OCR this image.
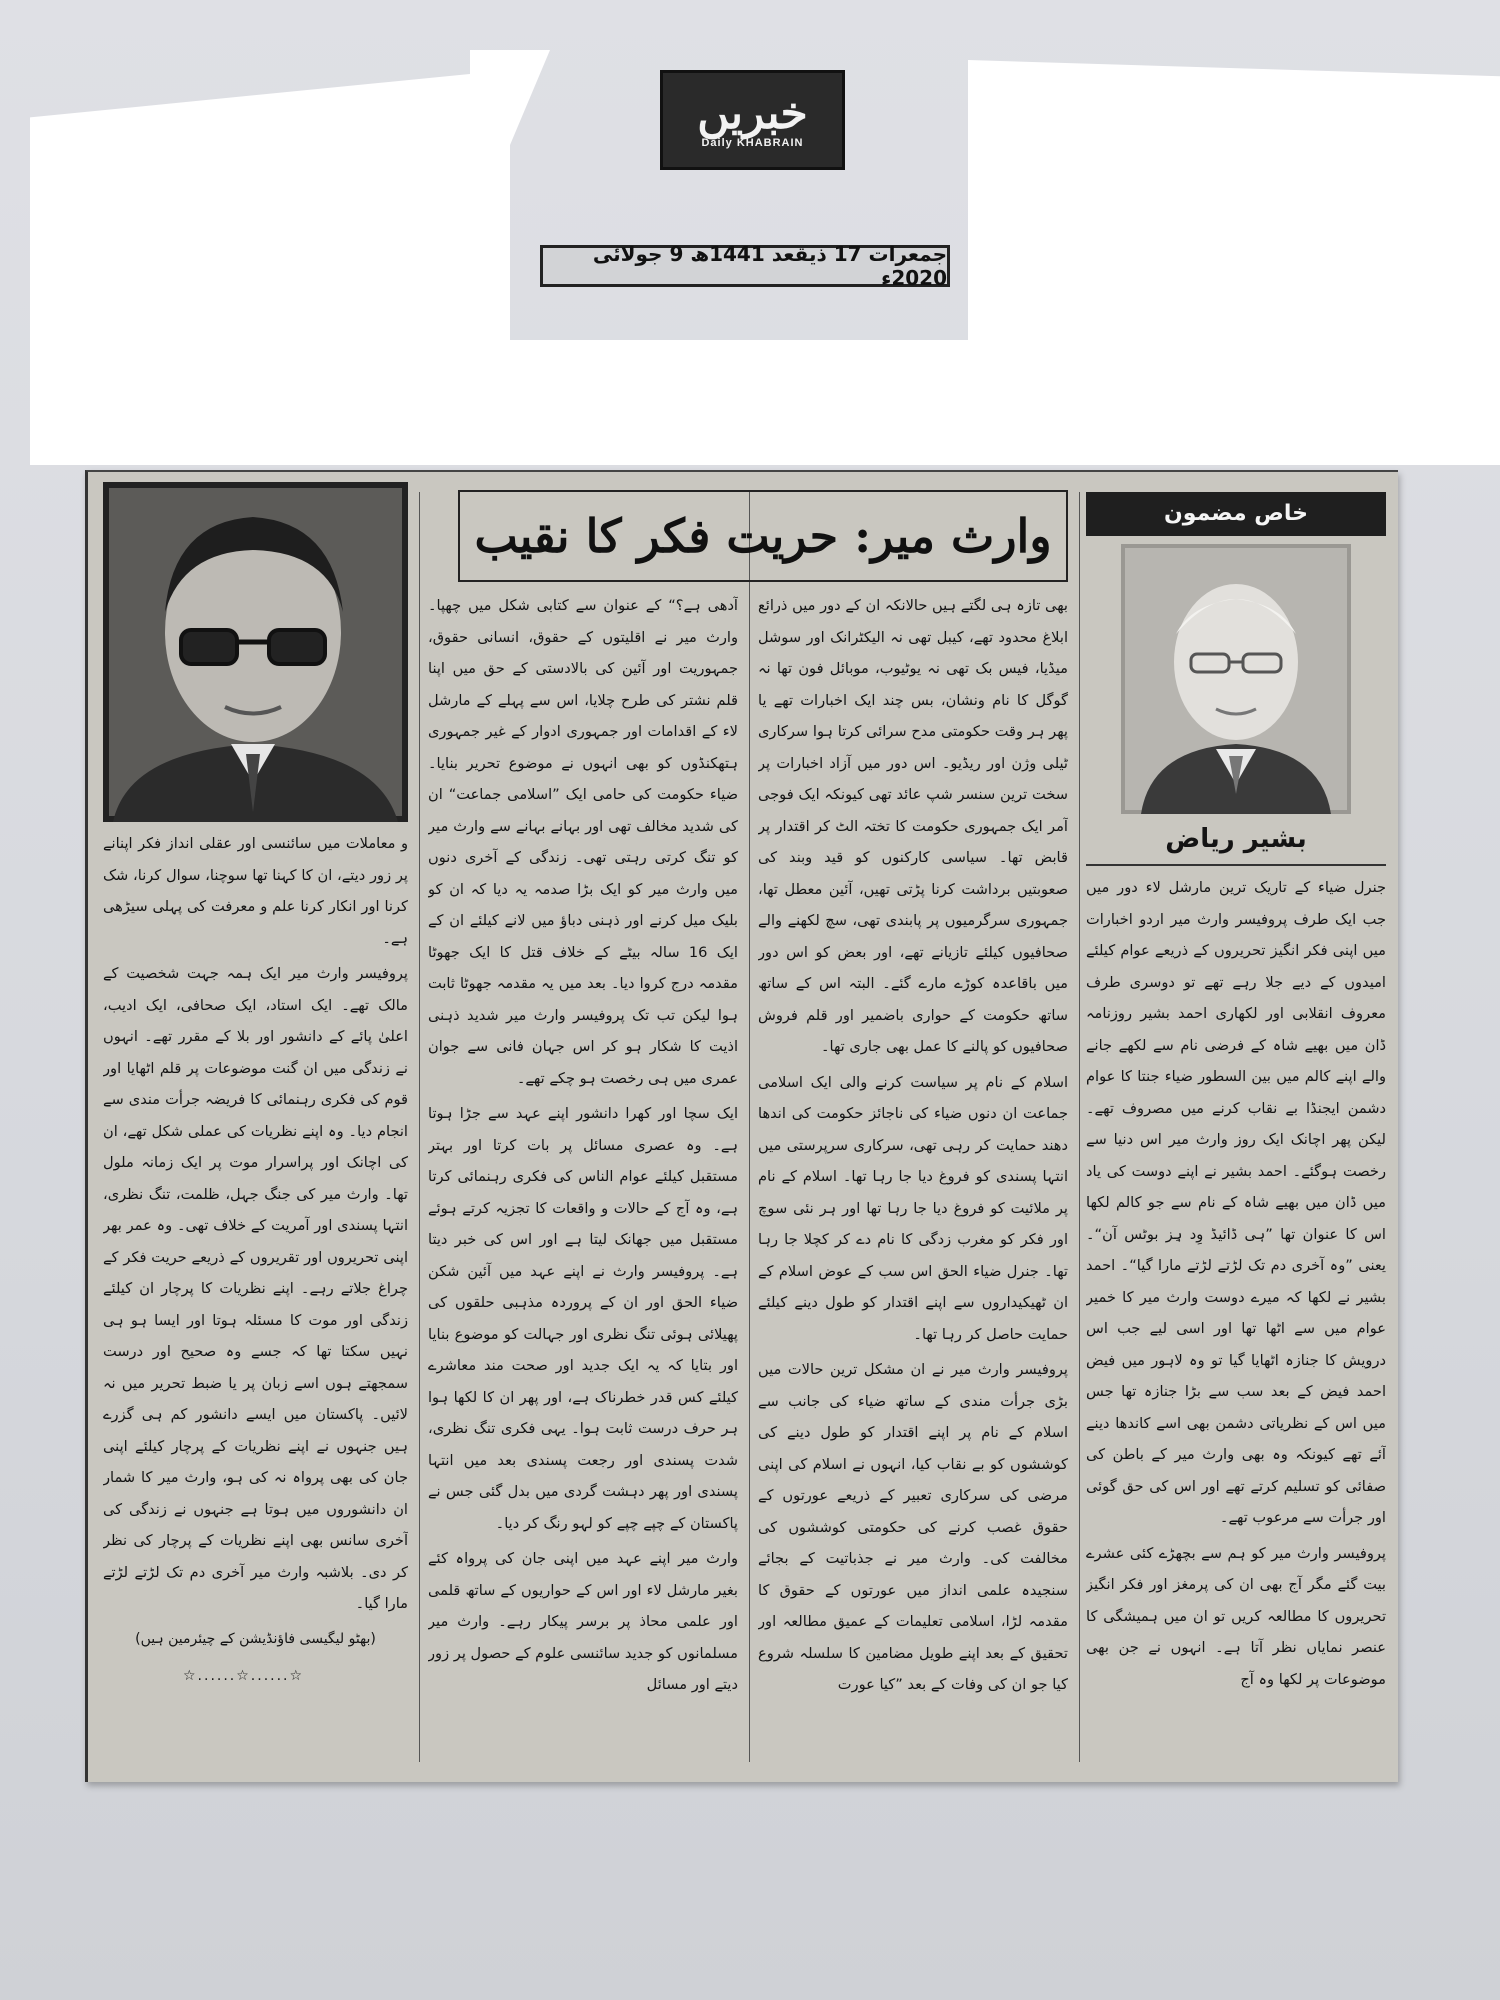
خبریں
Daily KHABRAIN
جمعرات 17 ذیقعد 1441ھ 9 جولائی 2020ء
وارث میر: حریت فکر کا نقیب	خاص مضمون
بشیر ریاض

جنرل ضیاء کے تاریک ترین مارشل لاء دور میں جب ایک طرف پروفیسر وارث میر اردو اخبارات میں اپنی فکر انگیز تحریروں کے ذریعے عوام کیلئے امیدوں کے دیے جلا رہے تھے تو دوسری طرف معروف انقلابی اور لکھاری احمد بشیر روزنامہ ڈان میں بھیے شاہ کے فرضی نام سے لکھے جانے والے اپنے کالم میں بین السطور ضیاء جنتا کا عوام دشمن ایجنڈا بے نقاب کرنے میں مصروف تھے۔ لیکن پھر اچانک ایک روز وارث میر اس دنیا سے رخصت ہوگئے۔ احمد بشیر نے اپنے دوست کی یاد میں ڈان میں بھیے شاہ کے نام سے جو کالم لکھا اس کا عنوان تھا ”ہی ڈائیڈ وِد ہِز بوٹس آن“۔ یعنی ”وہ آخری دم تک لڑتے لڑتے مارا گیا“۔ احمد بشیر نے لکھا کہ میرے دوست وارث میر کا خمیر عوام میں سے اٹھا تھا اور اسی لیے جب اس درویش کا جنازہ اٹھایا گیا تو وہ لاہور میں فیض احمد فیض کے بعد سب سے بڑا جنازہ تھا جس میں اس کے نظریاتی دشمن بھی اسے کاندھا دینے آئے تھے کیونکہ وہ بھی وارث میر کے باطن کی صفائی کو تسلیم کرتے تھے اور اس کی حق گوئی اور جرأت سے مرعوب تھے۔

پروفیسر وارث میر کو ہم سے بچھڑے کئی عشرے بیت گئے مگر آج بھی ان کی پرمغز اور فکر انگیز تحریروں کا مطالعہ کریں تو ان میں ہمیشگی کا عنصر نمایاں نظر آتا ہے۔ انہوں نے جن بھی موضوعات پر لکھا وہ آج

بھی تازہ ہی لگتے ہیں حالانکہ ان کے دور میں ذرائع ابلاغ محدود تھے، کیبل تھی نہ الیکٹرانک اور سوشل میڈیا، فیس بک تھی نہ یوٹیوب، موبائل فون تھا نہ گوگل کا نام ونشان، بس چند ایک اخبارات تھے یا پھر ہر وقت حکومتی مدح سرائی کرتا ہوا سرکاری ٹیلی وژن اور ریڈیو۔ اس دور میں آزاد اخبارات پر سخت ترین سنسر شپ عائد تھی کیونکہ ایک فوجی آمر ایک جمہوری حکومت کا تختہ الٹ کر اقتدار پر قابض تھا۔ سیاسی کارکنوں کو قید وبند کی صعوبتیں برداشت کرنا پڑتی تھیں، آئین معطل تھا، جمہوری سرگرمیوں پر پابندی تھی، سچ لکھنے والے صحافیوں کیلئے تازیانے تھے، اور بعض کو اس دور میں باقاعدہ کوڑے مارے گئے۔ البتہ اس کے ساتھ ساتھ حکومت کے حواری باضمیر اور قلم فروش صحافیوں کو پالنے کا عمل بھی جاری تھا۔

اسلام کے نام پر سیاست کرنے والی ایک اسلامی جماعت ان دنوں ضیاء کی ناجائز حکومت کی اندھا دھند حمایت کر رہی تھی، سرکاری سرپرستی میں انتہا پسندی کو فروغ دیا جا رہا تھا۔ اسلام کے نام پر ملائیت کو فروغ دیا جا رہا تھا اور ہر نئی سوچ اور فکر کو مغرب زدگی کا نام دے کر کچلا جا رہا تھا۔ جنرل ضیاء الحق اس سب کے عوض اسلام کے ان ٹھیکیداروں سے اپنے اقتدار کو طول دینے کیلئے حمایت حاصل کر رہا تھا۔

پروفیسر وارث میر نے ان مشکل ترین حالات میں بڑی جرأت مندی کے ساتھ ضیاء کی جانب سے اسلام کے نام پر اپنے اقتدار کو طول دینے کی کوششوں کو بے نقاب کیا، انہوں نے اسلام کی اپنی مرضی کی سرکاری تعبیر کے ذریعے عورتوں کے حقوق غصب کرنے کی حکومتی کوششوں کی مخالفت کی۔ وارث میر نے جذباتیت کے بجائے سنجیدہ علمی انداز میں عورتوں کے حقوق کا مقدمہ لڑا، اسلامی تعلیمات کے عمیق مطالعہ اور تحقیق کے بعد اپنے طویل مضامین کا سلسلہ شروع کیا جو ان کی وفات کے بعد ”کیا عورت

آدھی ہے؟“ کے عنوان سے کتابی شکل میں چھپا۔ وارث میر نے اقلیتوں کے حقوق، انسانی حقوق، جمہوریت اور آئین کی بالادستی کے حق میں اپنا قلم نشتر کی طرح چلایا، اس سے پہلے کے مارشل لاء کے اقدامات اور جمہوری ادوار کے غیر جمہوری ہتھکنڈوں کو بھی انہوں نے موضوع تحریر بنایا۔ ضیاء حکومت کی حامی ایک ”اسلامی جماعت“ ان کی شدید مخالف تھی اور بہانے بہانے سے وارث میر کو تنگ کرتی رہتی تھی۔ زندگی کے آخری دنوں میں وارث میر کو ایک بڑا صدمہ یہ دیا کہ ان کو بلیک میل کرنے اور ذہنی دباؤ میں لانے کیلئے ان کے ایک 16 سالہ بیٹے کے خلاف قتل کا ایک جھوٹا مقدمہ درج کروا دیا۔ بعد میں یہ مقدمہ جھوٹا ثابت ہوا لیکن تب تک پروفیسر وارث میر شدید ذہنی اذیت کا شکار ہو کر اس جہان فانی سے جوان عمری میں ہی رخصت ہو چکے تھے۔

ایک سچا اور کھرا دانشور اپنے عہد سے جڑا ہوتا ہے۔ وہ عصری مسائل پر بات کرتا اور بہتر مستقبل کیلئے عوام الناس کی فکری رہنمائی کرتا ہے، وہ آج کے حالات و واقعات کا تجزیہ کرتے ہوئے مستقبل میں جھانک لیتا ہے اور اس کی خبر دیتا ہے۔ پروفیسر وارث نے اپنے عہد میں آئین شکن ضیاء الحق اور ان کے پروردہ مذہبی حلقوں کی پھیلائی ہوئی تنگ نظری اور جہالت کو موضوع بنایا اور بتایا کہ یہ ایک جدید اور صحت مند معاشرے کیلئے کس قدر خطرناک ہے، اور پھر ان کا لکھا ہوا ہر حرف درست ثابت ہوا۔ یہی فکری تنگ نظری، شدت پسندی اور رجعت پسندی بعد میں انتہا پسندی اور پھر دہشت گردی میں بدل گئی جس نے پاکستان کے چپے چپے کو لہو رنگ کر دیا۔

وارث میر اپنے عہد میں اپنی جان کی پرواہ کئے بغیر مارشل لاء اور اس کے حواریوں کے ساتھ قلمی اور علمی محاذ پر برسر پیکار رہے۔ وارث میر مسلمانوں کو جدید سائنسی علوم کے حصول پر زور دیتے اور مسائل

و معاملات میں سائنسی اور عقلی انداز فکر اپنانے پر زور دیتے، ان کا کہنا تھا سوچنا، سوال کرنا، شک کرنا اور انکار کرنا علم و معرفت کی پہلی سیڑھی ہے۔

پروفیسر وارث میر ایک ہمہ جہت شخصیت کے مالک تھے۔ ایک استاد، ایک صحافی، ایک ادیب، اعلیٰ پائے کے دانشور اور بلا کے مقرر تھے۔ انہوں نے زندگی میں ان گنت موضوعات پر قلم اٹھایا اور قوم کی فکری رہنمائی کا فریضہ جرأت مندی سے انجام دیا۔ وہ اپنے نظریات کی عملی شکل تھے، ان کی اچانک اور پراسرار موت پر ایک زمانہ ملول تھا۔ وارث میر کی جنگ جہل، ظلمت، تنگ نظری، انتہا پسندی اور آمریت کے خلاف تھی۔ وہ عمر بھر اپنی تحریروں اور تقریروں کے ذریعے حریت فکر کے چراغ جلاتے رہے۔ اپنے نظریات کا پرچار ان کیلئے زندگی اور موت کا مسئلہ ہوتا اور ایسا ہو ہی نہیں سکتا تھا کہ جسے وہ صحیح اور درست سمجھتے ہوں اسے زبان پر یا ضبط تحریر میں نہ لائیں۔ پاکستان میں ایسے دانشور کم ہی گزرے ہیں جنہوں نے اپنے نظریات کے پرچار کیلئے اپنی جان کی بھی پرواہ نہ کی ہو، وارث میر کا شمار ان دانشوروں میں ہوتا ہے جنہوں نے زندگی کی آخری سانس بھی اپنے نظریات کے پرچار کی نظر کر دی۔ بلاشبہ وارث میر آخری دم تک لڑتے لڑتے مارا گیا۔

(بھٹو لیگیسی فاؤنڈیشن کے چیئرمین ہیں)
☆......☆......☆
